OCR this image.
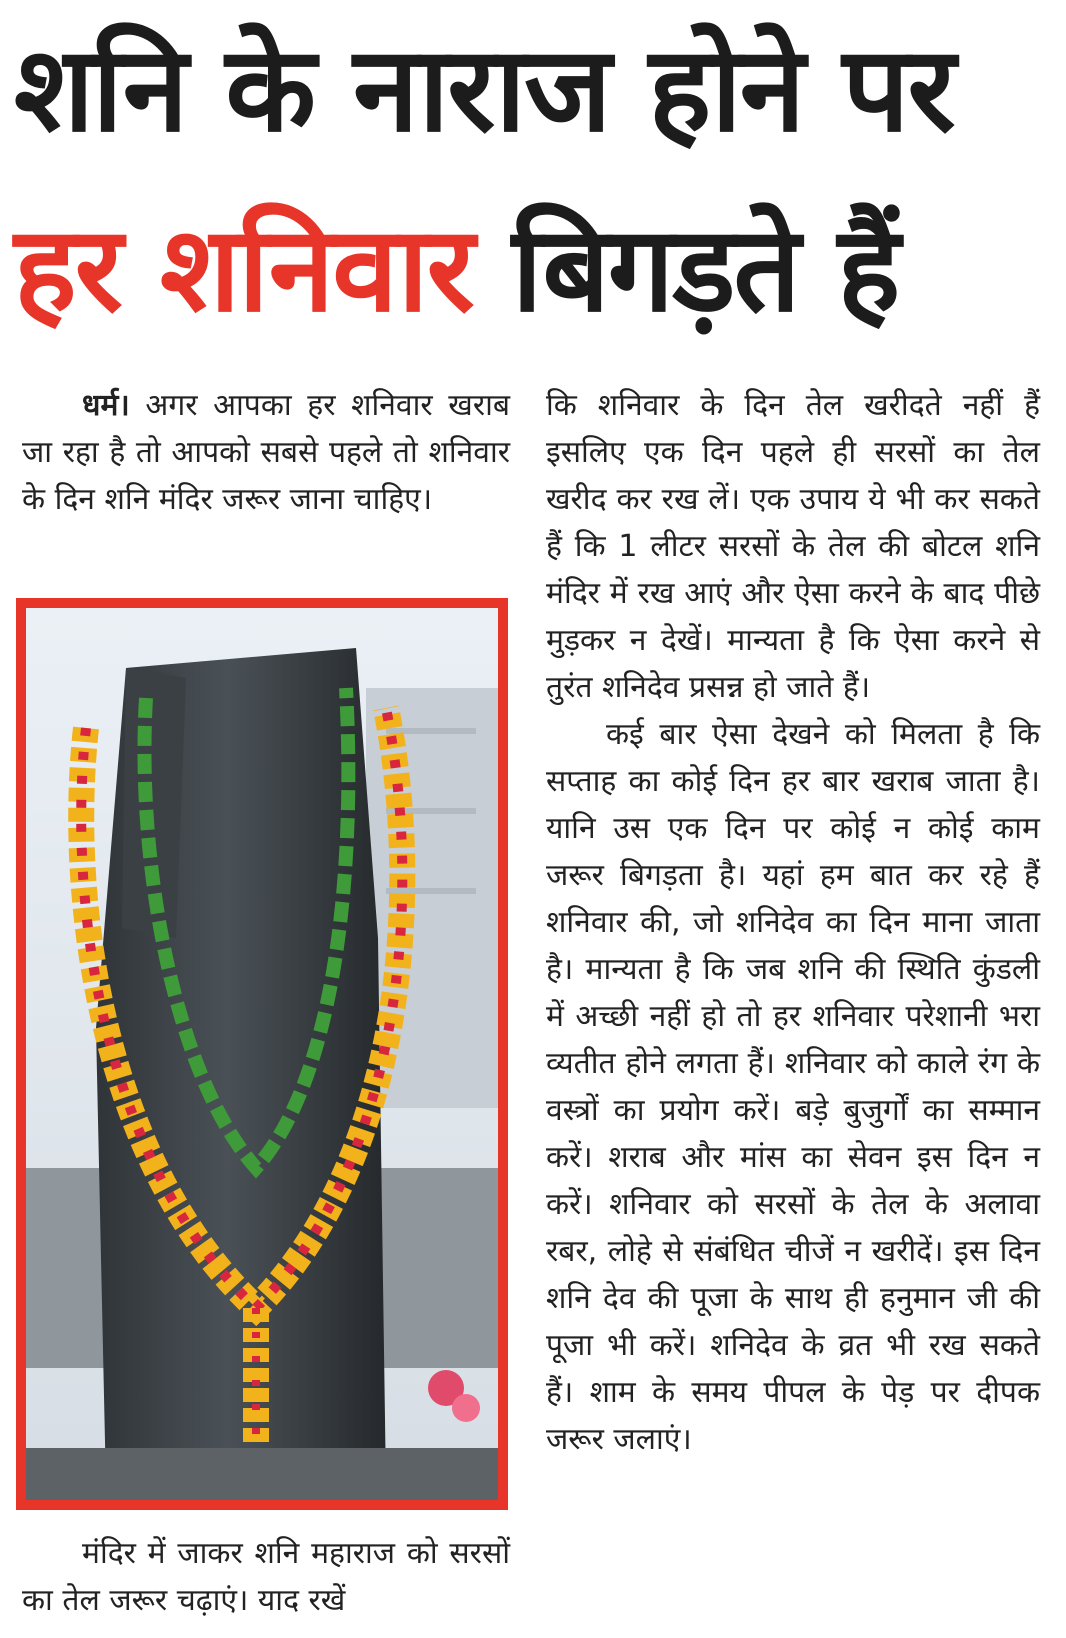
शनि के नाराज होने पर
हर शनिवार बिगड़ते हैं

धर्म। अगर आपका हर शनिवार खराब जा रहा है तो आपको सबसे पहले तो शनिवार के दिन शनि मंदिर जरूर जाना चाहिए।

मंदिर में जाकर शनि महाराज को सरसों का तेल जरूर चढ़ाएं। याद रखें

कि शनिवार के दिन तेल खरीदते नहीं हैं इसलिए एक दिन पहले ही सरसों का तेल खरीद कर रख लें। एक उपाय ये भी कर सकते हैं कि 1 लीटर सरसों के तेल की बोटल शनि मंदिर में रख आएं और ऐसा करने के बाद पीछे मुड़कर न देखें। मान्यता है कि ऐसा करने से तुरंत शनिदेव प्रसन्न हो जाते हैं।

कई बार ऐसा देखने को मिलता है कि सप्ताह का कोई दिन हर बार खराब जाता है। यानि उस एक दिन पर कोई न कोई काम जरूर बिगड़ता है। यहां हम बात कर रहे हैं शनिवार की, जो शनिदेव का दिन माना जाता है। मान्यता है कि जब शनि की स्थिति कुंडली में अच्छी नहीं हो तो हर शनिवार परेशानी भरा व्यतीत होने लगता हैं। शनिवार को काले रंग के वस्त्रों का प्रयोग करें। बड़े बुजुर्गों का सम्मान करें। शराब और मांस का सेवन इस दिन न करें। शनिवार को सरसों के तेल के अलावा रबर, लोहे से संबंधित चीजें न खरीदें। इस दिन शनि देव की पूजा के साथ ही हनुमान जी की पूजा भी करें। शनिदेव के व्रत भी रख सकते हैं। शाम के समय पीपल के पेड़ पर दीपक जरूर जलाएं।
